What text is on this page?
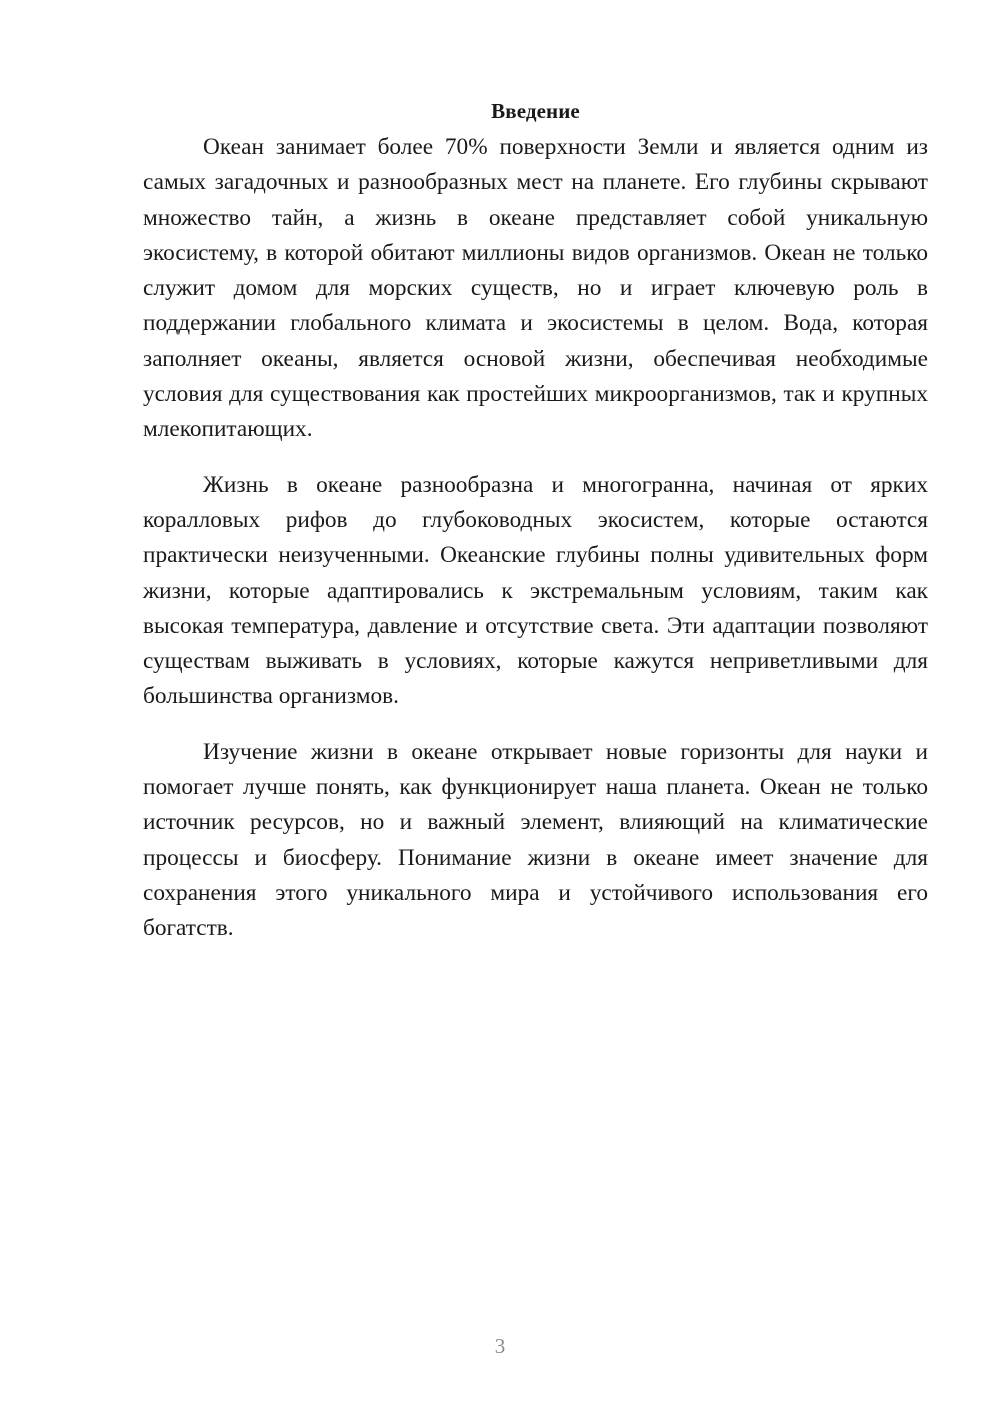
Введение

Океан занимает более 70% поверхности Земли и является одним из самых загадочных и разнообразных мест на планете. Его глубины скрывают множество тайн, а жизнь в океане представляет собой уникальную экосистему, в которой обитают миллионы видов организмов. Океан не только служит домом для морских существ, но и играет ключевую роль в поддержании глобального климата и экосистемы в целом. Вода, которая заполняет океаны, является основой жизни, обеспечивая необходимые условия для существования как простейших микроорганизмов, так и крупных млекопитающих.

Жизнь в океане разнообразна и многогранна, начиная от ярких коралловых рифов до глубоководных экосистем, которые остаются практически неизученными. Океанские глубины полны удивительных форм жизни, которые адаптировались к экстремальным условиям, таким как высокая температура, давление и отсутствие света. Эти адаптации позволяют существам выживать в условиях, которые кажутся неприветливыми для большинства организмов.

Изучение жизни в океане открывает новые горизонты для науки и помогает лучше понять, как функционирует наша планета. Океан не только источник ресурсов, но и важный элемент, влияющий на климатические процессы и биосферу. Понимание жизни в океане имеет значение для сохранения этого уникального мира и устойчивого использования его богатств.

3
